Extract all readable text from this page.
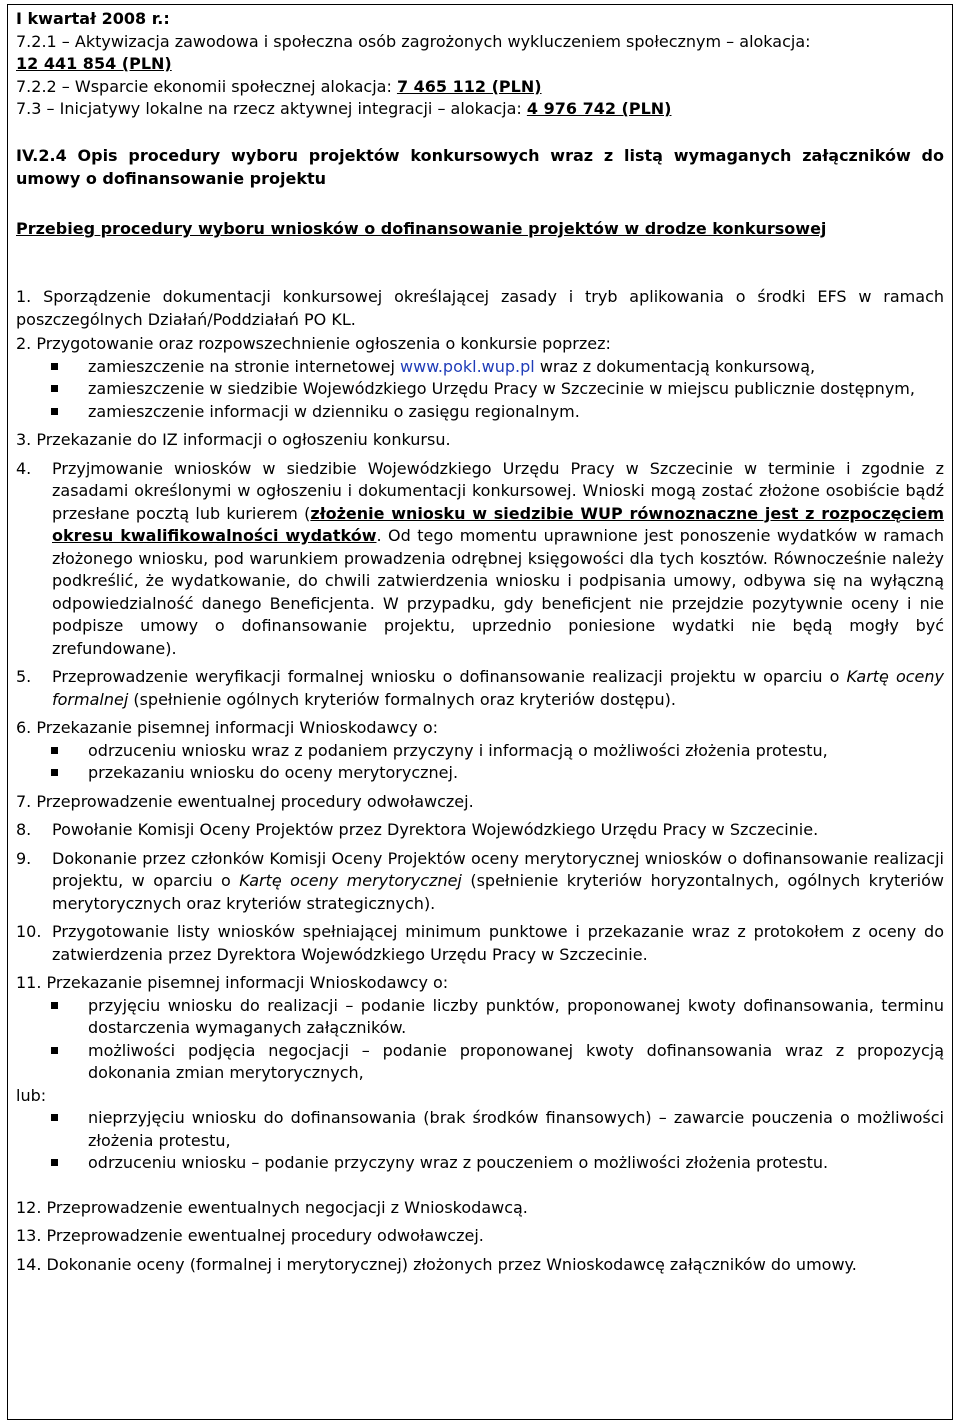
I kwartał 2008 r.:

7.2.1 – Aktywizacja zawodowa i społeczna osób zagrożonych wykluczeniem społecznym – alokacja:

12 441 854 (PLN)

7.2.2 – Wsparcie ekonomii społecznej alokacja: 7 465 112 (PLN)

7.3 – Inicjatywy lokalne na rzecz aktywnej integracji – alokacja: 4 976 742 (PLN)

IV.2.4 Opis procedury wyboru projektów konkursowych wraz z listą wymaganych załączników do umowy o dofinansowanie projektu

Przebieg procedury wyboru wniosków o dofinansowanie projektów w drodze konkursowej

1. Sporządzenie dokumentacji konkursowej określającej zasady i tryb aplikowania o środki EFS w ramach poszczególnych Działań/Poddziałań PO KL.

2. Przygotowanie oraz rozpowszechnienie ogłoszenia o konkursie poprzez:

zamieszczenie na stronie internetowej www.pokl.wup.pl wraz z dokumentacją konkursową,
zamieszczenie w siedzibie Wojewódzkiego Urzędu Pracy w Szczecinie w miejscu publicznie dostępnym,
zamieszczenie informacji w dzienniku o zasięgu regionalnym.

3. Przekazanie do IZ informacji o ogłoszeniu konkursu.

4.	Przyjmowanie wniosków w siedzibie Wojewódzkiego Urzędu Pracy w Szczecinie w terminie i zgodnie z zasadami określonymi w ogłoszeniu i dokumentacji konkursowej. Wnioski mogą zostać złożone osobiście bądź przesłane pocztą lub kurierem (złożenie wniosku w siedzibie WUP równoznaczne jest z rozpoczęciem okresu kwalifikowalności wydatków. Od tego momentu uprawnione jest ponoszenie wydatków w ramach złożonego wniosku, pod warunkiem prowadzenia odrębnej księgowości dla tych kosztów. Równocześnie należy podkreślić, że wydatkowanie, do chwili zatwierdzenia wniosku i podpisania umowy, odbywa się na wyłączną odpowiedzialność danego Beneficjenta. W przypadku, gdy beneficjent nie przejdzie pozytywnie oceny i nie podpisze umowy o dofinansowanie projektu, uprzednio poniesione wydatki nie będą mogły być zrefundowane).
5.	Przeprowadzenie weryfikacji formalnej wniosku o dofinansowanie realizacji projektu w oparciu o Kartę oceny formalnej (spełnienie ogólnych kryteriów formalnych oraz kryteriów dostępu).

6. Przekazanie pisemnej informacji Wnioskodawcy o:

odrzuceniu wniosku wraz z podaniem przyczyny i informacją o możliwości złożenia protestu,
przekazaniu wniosku do oceny merytorycznej.

7. Przeprowadzenie ewentualnej procedury odwoławczej.

8.	Powołanie Komisji Oceny Projektów przez Dyrektora Wojewódzkiego Urzędu Pracy w Szczecinie.
9.	Dokonanie przez członków Komisji Oceny Projektów oceny merytorycznej wniosków o dofinansowanie realizacji projektu, w oparciu o Kartę oceny merytorycznej (spełnienie kryteriów horyzontalnych, ogólnych kryteriów merytorycznych oraz kryteriów strategicznych).
10. Przygotowanie listy wniosków spełniającej minimum punktowe i przekazanie wraz z protokołem z oceny do zatwierdzenia przez Dyrektora Wojewódzkiego Urzędu Pracy w Szczecinie.

11. Przekazanie pisemnej informacji Wnioskodawcy o:

przyjęciu wniosku do realizacji – podanie liczby punktów, proponowanej kwoty dofinansowania, terminu dostarczenia wymaganych załączników.
możliwości podjęcia negocjacji – podanie proponowanej kwoty dofinansowania wraz z propozycją dokonania zmian merytorycznych,

lub:

nieprzyjęciu wniosku do dofinansowania (brak środków finansowych) – zawarcie pouczenia o możliwości złożenia protestu,
odrzuceniu wniosku – podanie przyczyny wraz z pouczeniem o możliwości złożenia protestu.

12. Przeprowadzenie ewentualnych negocjacji z Wnioskodawcą.

13. Przeprowadzenie ewentualnej procedury odwoławczej.

14. Dokonanie oceny (formalnej i merytorycznej) złożonych przez Wnioskodawcę załączników do umowy.
